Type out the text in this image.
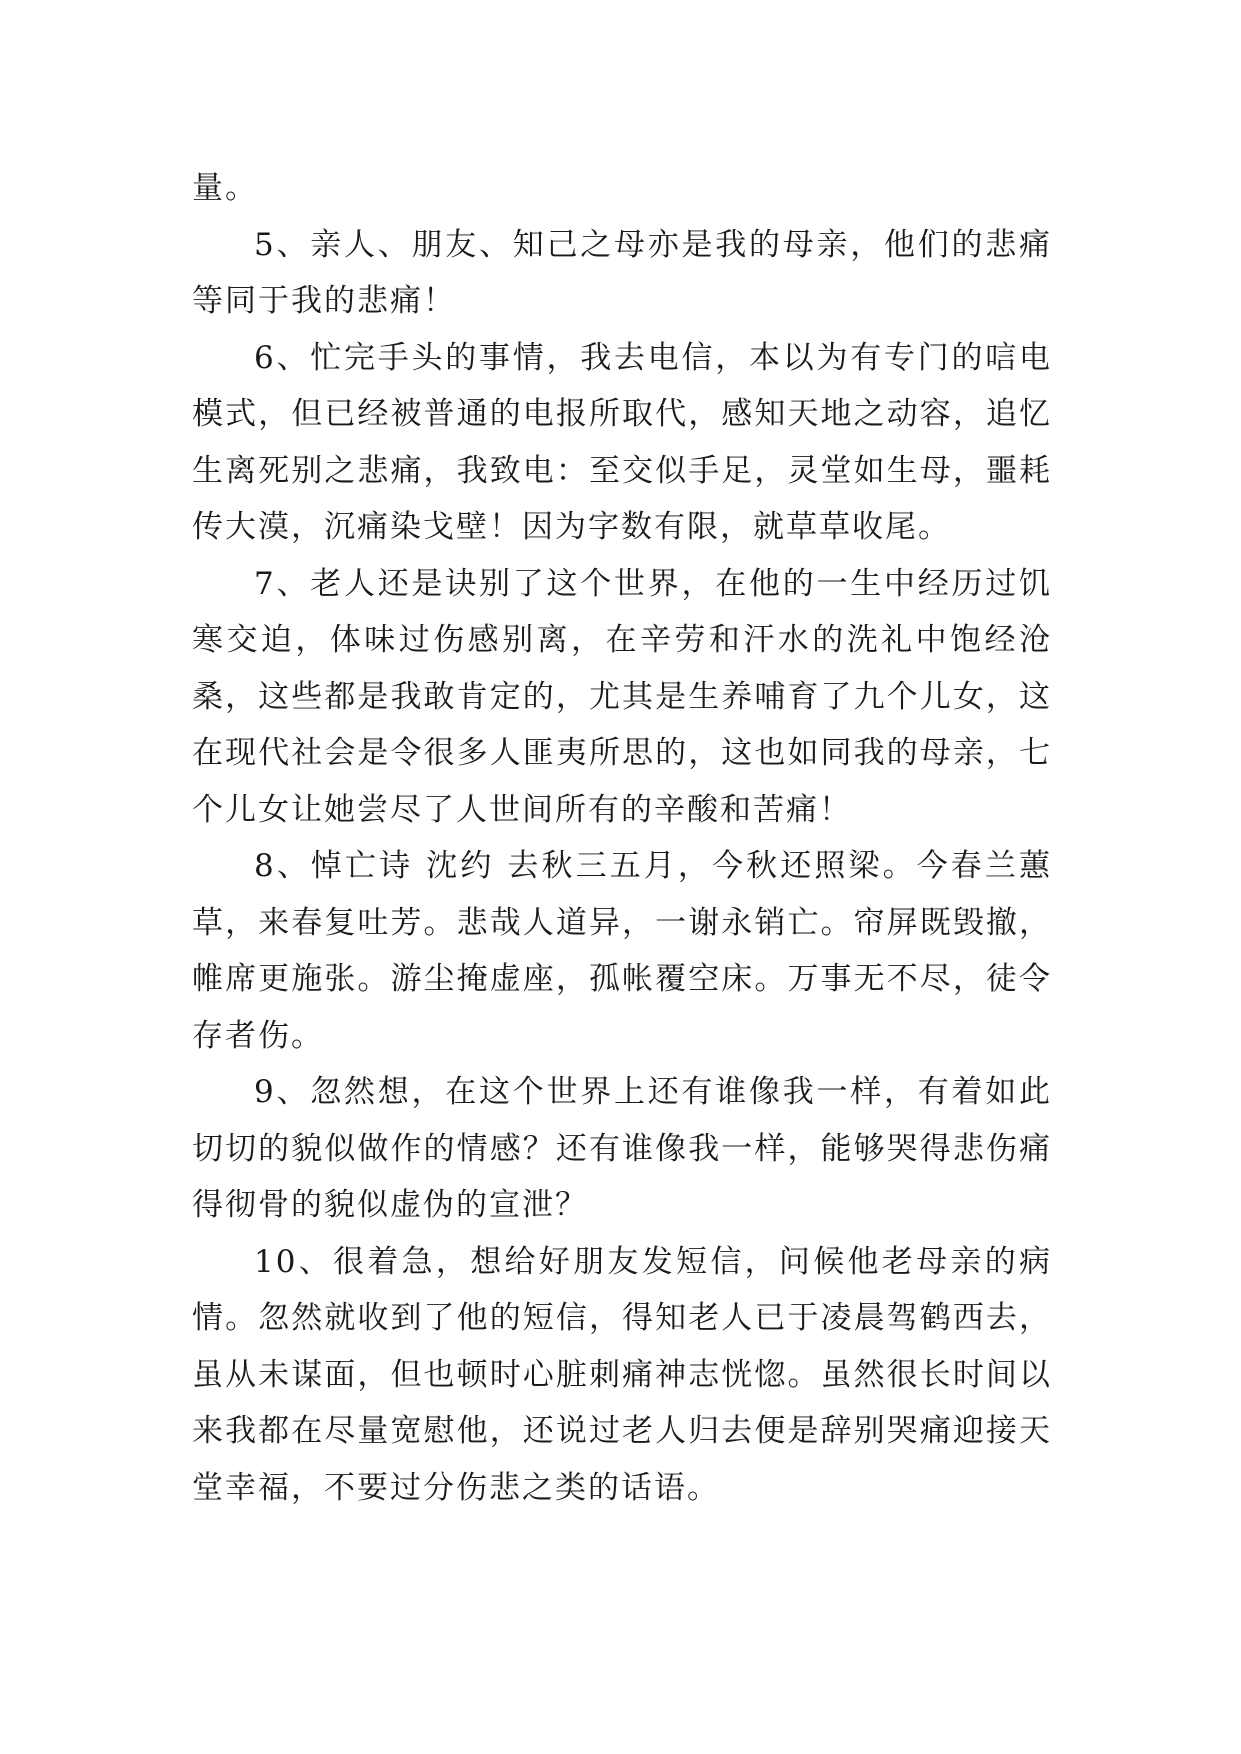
量。

5、亲人、朋友、知己之母亦是我的母亲，他们的悲痛等同于我的悲痛！

6、忙完手头的事情，我去电信，本以为有专门的唁电模式，但已经被普通的电报所取代，感知天地之动容，追忆生离死别之悲痛，我致电：至交似手足，灵堂如生母，噩耗传大漠，沉痛染戈壁！因为字数有限，就草草收尾。

7、老人还是诀别了这个世界，在他的一生中经历过饥寒交迫，体味过伤感别离，在辛劳和汗水的洗礼中饱经沧桑，这些都是我敢肯定的，尤其是生养哺育了九个儿女，这在现代社会是令很多人匪夷所思的，这也如同我的母亲，七个儿女让她尝尽了人世间所有的辛酸和苦痛！

8、悼亡诗 沈约 去秋三五月，今秋还照梁。今春兰蕙草，来春复吐芳。悲哉人道异，一谢永销亡。帘屏既毁撤，帷席更施张。游尘掩虚座，孤帐覆空床。万事无不尽，徒令存者伤。

9、忽然想，在这个世界上还有谁像我一样，有着如此切切的貌似做作的情感？还有谁像我一样，能够哭得悲伤痛得彻骨的貌似虚伪的宣泄？

10、很着急，想给好朋友发短信，问候他老母亲的病情。忽然就收到了他的短信，得知老人已于凌晨驾鹤西去，虽从未谋面，但也顿时心脏刺痛神志恍惚。虽然很长时间以来我都在尽量宽慰他，还说过老人归去便是辞别哭痛迎接天堂幸福，不要过分伤悲之类的话语。
